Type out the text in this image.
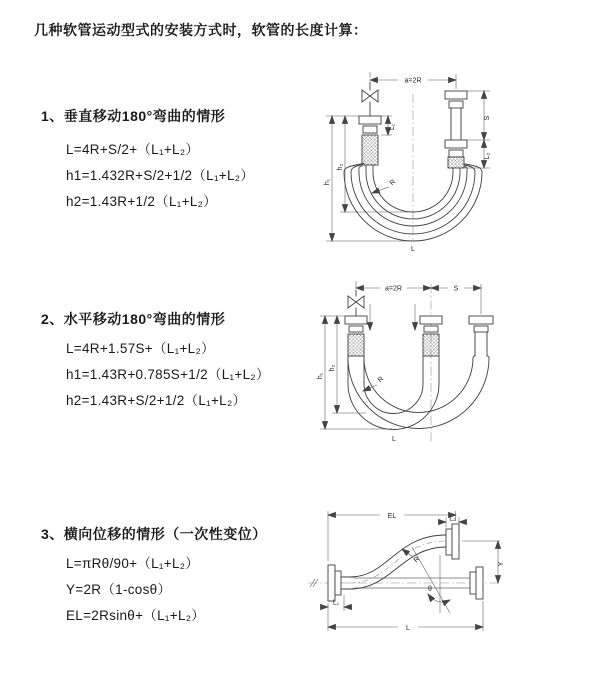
几种软管运动型式的安装方式时，软管的长度计算：
1、垂直移动180°弯曲的情形
L=4R+S/2+（L₁+L₂）
h1=1.432R+S/2+1/2（L₁+L₂）
h2=1.43R+1/2（L₁+L₂）
2、水平移动180°弯曲的情形
L=4R+1.57S+（L₁+L₂）
h1=1.43R+0.785S+1/2（L₁+L₂）
h2=1.43R+S/2+1/2（L₁+L₂）
3、横向位移的情形（一次性变位）
L=πRθ/90+（L₁+L₂）
Y=2R（1-cosθ）
EL=2Rsinθ+（L₁+L₂）
a=2R
S
L₂
L₁
h₁
h₂
R
L
a=2R	S
h₁
h₂
R
L
EL	L₂
Y
L
L₁
θ
R
